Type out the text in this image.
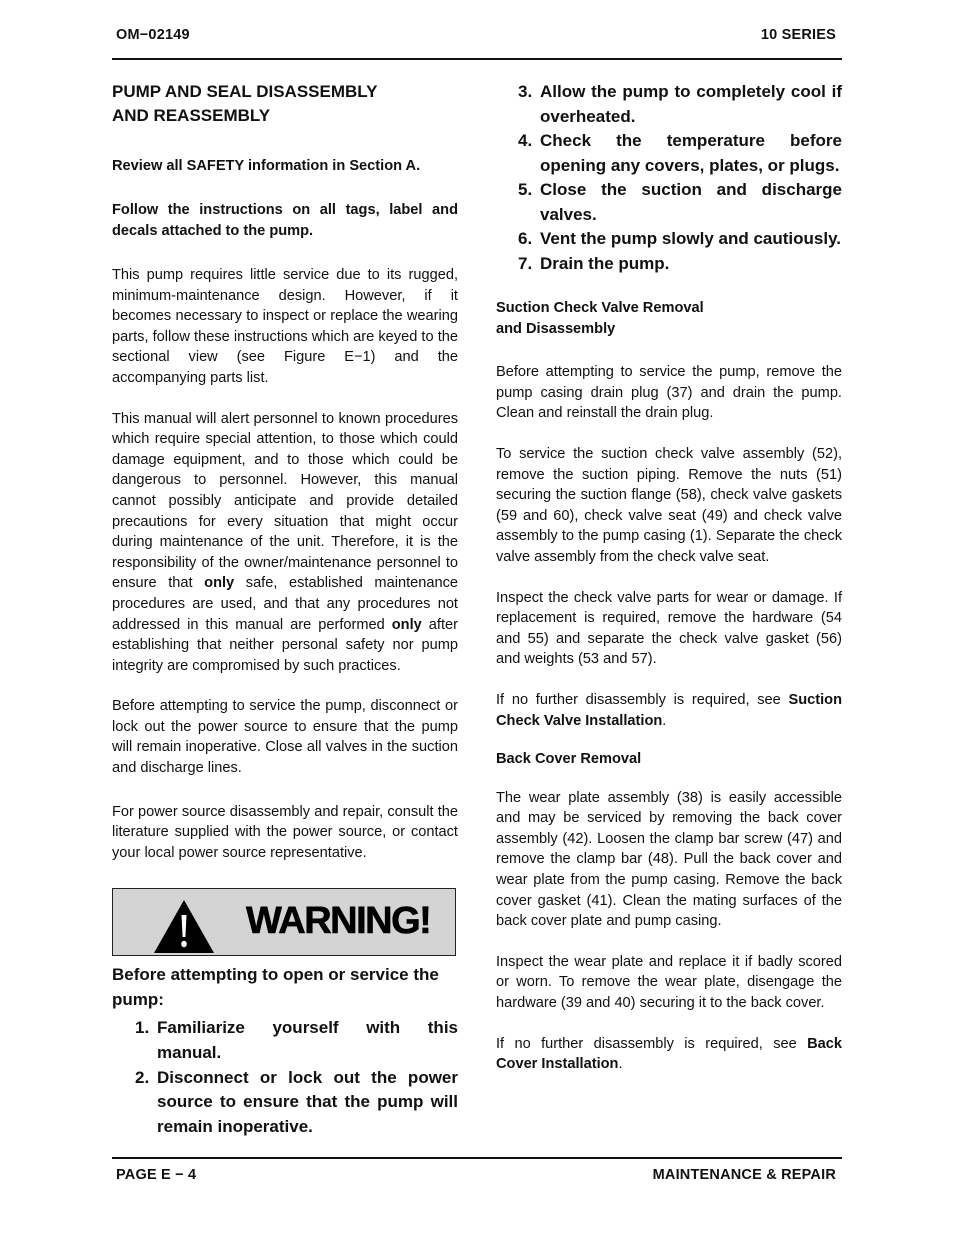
OM−02149	10 SERIES
PUMP AND SEAL DISASSEMBLY
AND REASSEMBLY

Review all SAFETY information in Section A.

Follow the instructions on all tags, label and decals attached to the pump.

This pump requires little service due to its rugged, minimum-maintenance design. However, if it becomes necessary to inspect or replace the wearing parts, follow these instructions which are keyed to the sectional view (see Figure E−1) and the accompanying parts list.

This manual will alert personnel to known procedures which require special attention, to those which could damage equipment, and to those which could be dangerous to personnel. However, this manual cannot possibly anticipate and provide detailed precautions for every situation that might occur during maintenance of the unit. Therefore, it is the responsibility of the owner/maintenance personnel to ensure that only safe, established maintenance procedures are used, and that any procedures not addressed in this manual are performed only after establishing that neither personal safety nor pump integrity are compromised by such practices.

Before attempting to service the pump, disconnect or lock out the power source to ensure that the pump will remain inoperative. Close all valves in the suction and discharge lines.

For power source disassembly and repair, consult the literature supplied with the power source, or contact your local power source representative.

WARNING!

Before attempting to open or service the pump:

1. Familiarize yourself with this manual.
2. Disconnect or lock out the power source to ensure that the pump will remain inoperative.
3. Allow the pump to completely cool if overheated.
4. Check the temperature before opening any covers, plates, or plugs.
5. Close the suction and discharge valves.
6. Vent the pump slowly and cautiously.
7. Drain the pump.
Suction Check Valve Removal
and Disassembly

Before attempting to service the pump, remove the pump casing drain plug (37) and drain the pump. Clean and reinstall the drain plug.

To service the suction check valve assembly (52), remove the suction piping. Remove the nuts (51) securing the suction flange (58), check valve gaskets (59 and 60), check valve seat (49) and check valve assembly to the pump casing (1). Separate the check valve assembly from the check valve seat.

Inspect the check valve parts for wear or damage. If replacement is required, remove the hardware (54 and 55) and separate the check valve gasket (56) and weights (53 and 57).

If no further disassembly is required, see Suction Check Valve Installation.

Back Cover Removal

The wear plate assembly (38) is easily accessible and may be serviced by removing the back cover assembly (42). Loosen the clamp bar screw (47) and remove the clamp bar (48). Pull the back cover and wear plate from the pump casing. Remove the back cover gasket (41). Clean the mating surfaces of the back cover plate and pump casing.

Inspect the wear plate and replace it if badly scored or worn. To remove the wear plate, disengage the hardware (39 and 40) securing it to the back cover.

If no further disassembly is required, see Back Cover Installation.

PAGE E − 4	MAINTENANCE & REPAIR
